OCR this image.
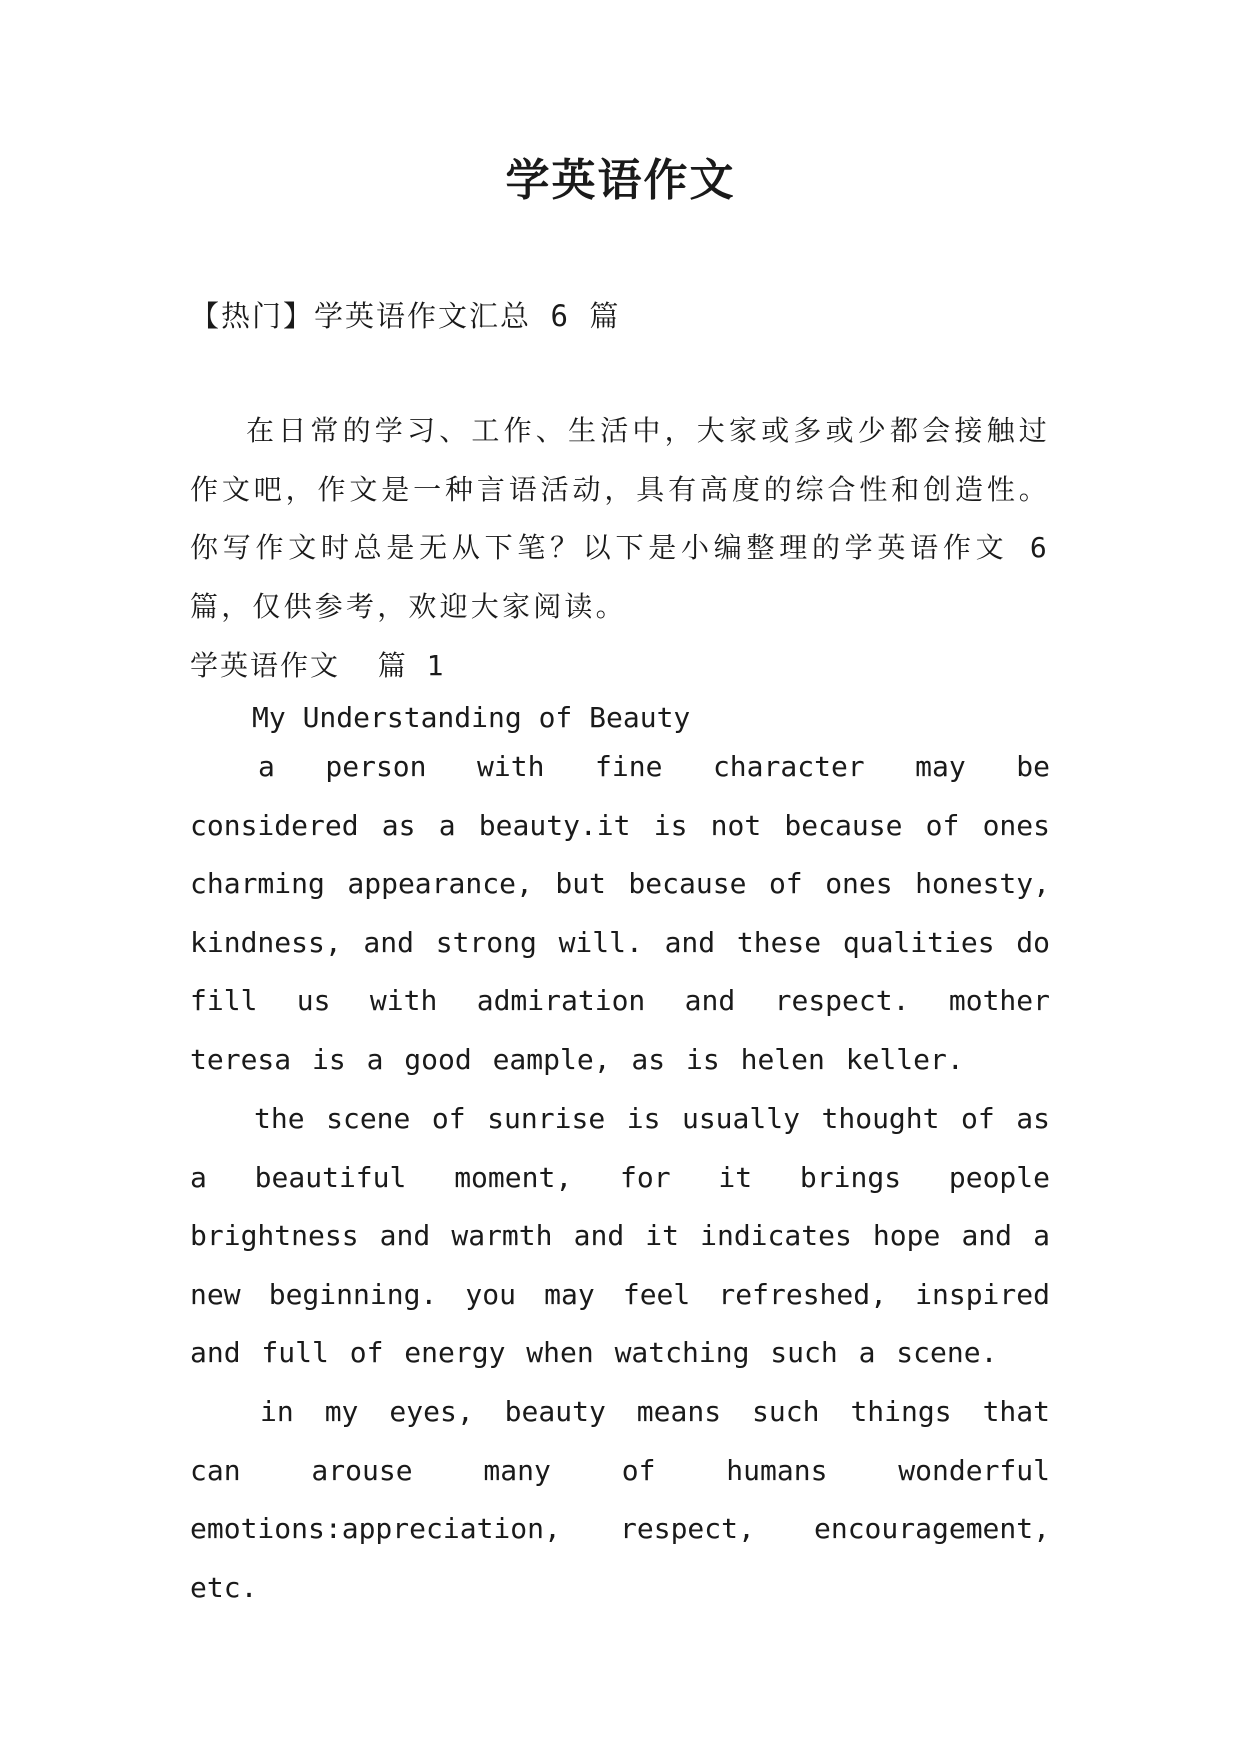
学英语作文
【热门】学英语作文汇总 6 篇
在日常的学习、工作、生活中，大家或多或少都会接触过作文吧，作文是一种言语活动，具有高度的综合性和创造性。你写作文时总是无从下笔？以下是小编整理的学英语作文 6 篇，仅供参考，欢迎大家阅读。
学英语作文  篇 1
My Understanding of Beauty
a person with fine character may be considered as a beauty.it is not because of ones charming appearance, but because of ones honesty, kindness, and strong will. and these qualities do fill us with admiration and respect. mother teresa is a good eample, as is helen keller.
the scene of sunrise is usually thought of as a beautiful moment, for it brings people brightness and warmth and it indicates hope and a new beginning. you may feel refreshed, inspired and full of energy when watching such a scene.
in my eyes, beauty means such things that can arouse many of humans wonderful emotions:appreciation, respect, encouragement, etc.
